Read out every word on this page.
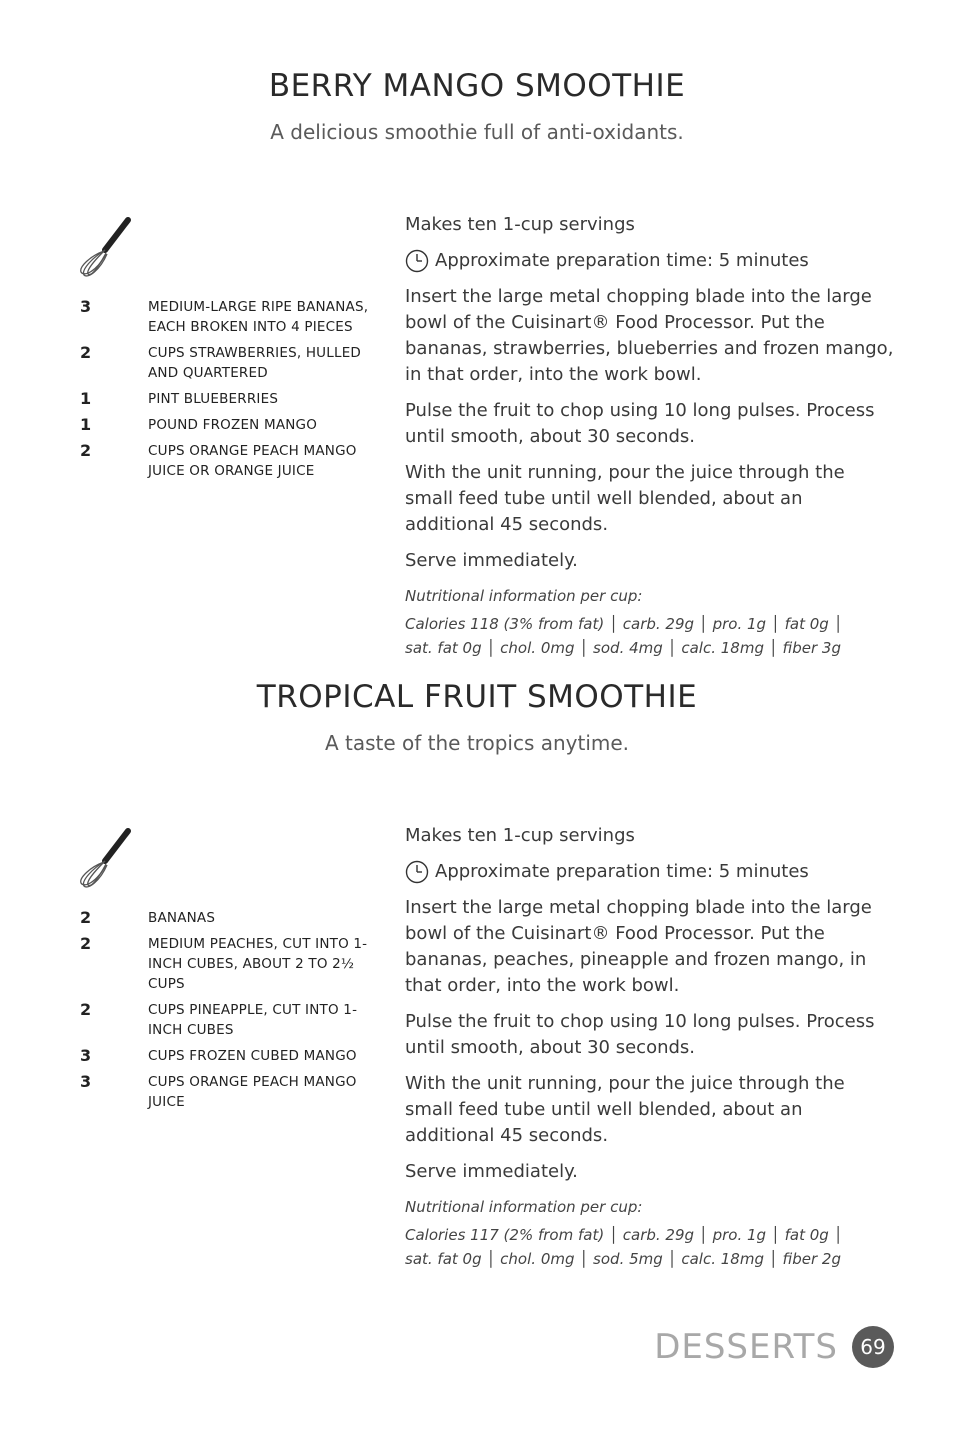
BERRY MANGO SMOOTHIE

A delicious smoothie full of anti-oxidants.

3	MEDIUM-LARGE RIPE BANANAS, EACH BROKEN INTO 4 PIECES
2	CUPS STRAWBERRIES, HULLED AND QUARTERED
1	PINT BLUEBERRIES
1	POUND FROZEN MANGO
2	CUPS ORANGE PEACH MANGO JUICE OR ORANGE JUICE

Makes ten 1-cup servings

Approximate preparation time: 5 minutes

Insert the large metal chopping blade into the large bowl of the Cuisinart® Food Processor. Put the bananas, strawberries, blueberries and frozen mango, in that order, into the work bowl.

Pulse the fruit to chop using 10 long pulses. Process until smooth, about 30 seconds.

With the unit running, pour the juice through the small feed tube until well blended, about an additional 45 seconds.

Serve immediately.

Nutritional information per cup:

Calories 118 (3% from fat) │ carb. 29g │ pro. 1g │ fat 0g │
sat. fat 0g │ chol. 0mg │ sod. 4mg │ calc. 18mg │ fiber 3g
TROPICAL FRUIT SMOOTHIE

A taste of the tropics anytime.

2	BANANAS
2	MEDIUM PEACHES, CUT INTO 1-INCH CUBES, ABOUT 2 TO 2½ CUPS
2	CUPS PINEAPPLE, CUT INTO 1-INCH CUBES
3	CUPS FROZEN CUBED MANGO
3	CUPS ORANGE PEACH MANGO JUICE

Makes ten 1-cup servings

Approximate preparation time: 5 minutes

Insert the large metal chopping blade into the large bowl of the Cuisinart® Food Processor. Put the bananas, peaches, pineapple and frozen mango, in that order, into the work bowl.

Pulse the fruit to chop using 10 long pulses. Process until smooth, about 30 seconds.

With the unit running, pour the juice through the small feed tube until well blended, about an additional 45 seconds.

Serve immediately.

Nutritional information per cup:

Calories 117 (2% from fat) │ carb. 29g │ pro. 1g │ fat 0g │
sat. fat 0g │ chol. 0mg │ sod. 5mg │ calc. 18mg │ fiber 2g
DESSERTS	69
